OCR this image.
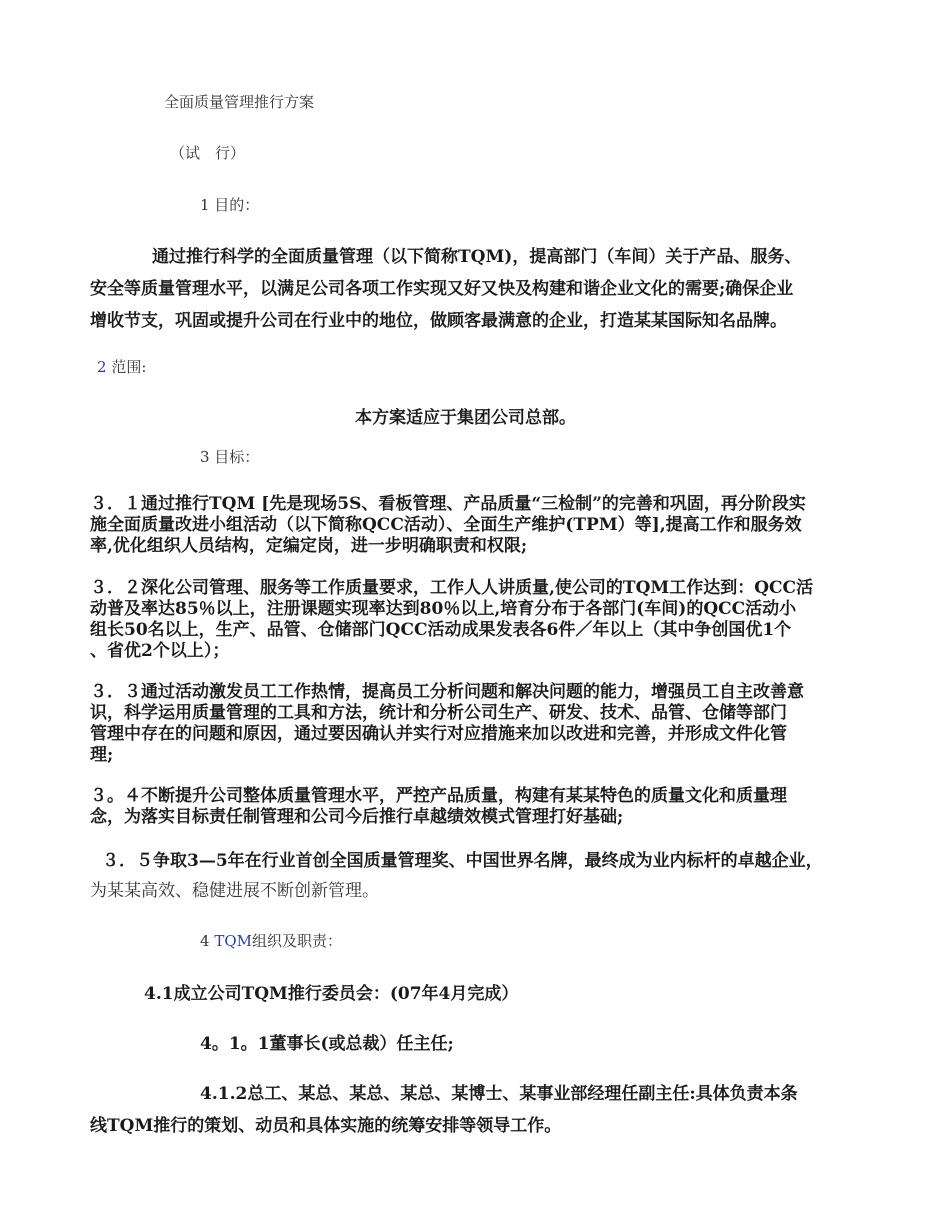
全面质量管理推行方案
（试　行）
1 目的：
通过推行科学的全面质量管理（以下简称TQM)，提高部门（车间）关于产品、服务、
安全等质量管理水平，以满足公司各项工作实现又好又快及构建和谐企业文化的需要;确保企业
增收节支，巩固或提升公司在行业中的地位，做顾客最满意的企业，打造某某国际知名品牌。
2 范围:
本方案适应于集团公司总部。
3 目标：
３．１通过推行TQM [先是现场5S、看板管理、产品质量“三检制”的完善和巩固，再分阶段实
施全面质量改进小组活动（以下简称QCC活动）、全面生产维护(TPM）等],提高工作和服务效
率,优化组织人员结构，定编定岗，进一步明确职责和权限;
３．２深化公司管理、服务等工作质量要求，工作人人讲质量,使公司的TQM工作达到：QCC活
动普及率达85％以上，注册课题实现率达到80％以上,培育分布于各部门(车间)的QCC活动小
组长50名以上，生产、品管、仓储部门QCC活动成果发表各6件／年以上（其中争创国优1个
、省优2个以上）；
３．３通过活动激发员工工作热情，提高员工分析问题和解决问题的能力，增强员工自主改善意
识，科学运用质量管理的工具和方法，统计和分析公司生产、研发、技术、品管、仓储等部门
管理中存在的问题和原因，通过要因确认并实行对应措施来加以改进和完善，并形成文件化管
理;
３。４不断提升公司整体质量管理水平，严控产品质量，构建有某某特色的质量文化和质量理
念，为落实目标责任制管理和公司今后推行卓越绩效模式管理打好基础;
３．５争取3—5年在行业首创全国质量管理奖、中国世界名牌，最终成为业内标杆的卓越企业，
为某某高效、稳健进展不断创新管理。
4 TQM组织及职责：
4.1成立公司TQM推行委员会：(07年4月完成）
4。1。1董事长(或总裁）任主任;
4.1.2总工、某总、某总、某总、某博士、某事业部经理任副主任:具体负责本条
线TQM推行的策划、动员和具体实施的统筹安排等领导工作。
